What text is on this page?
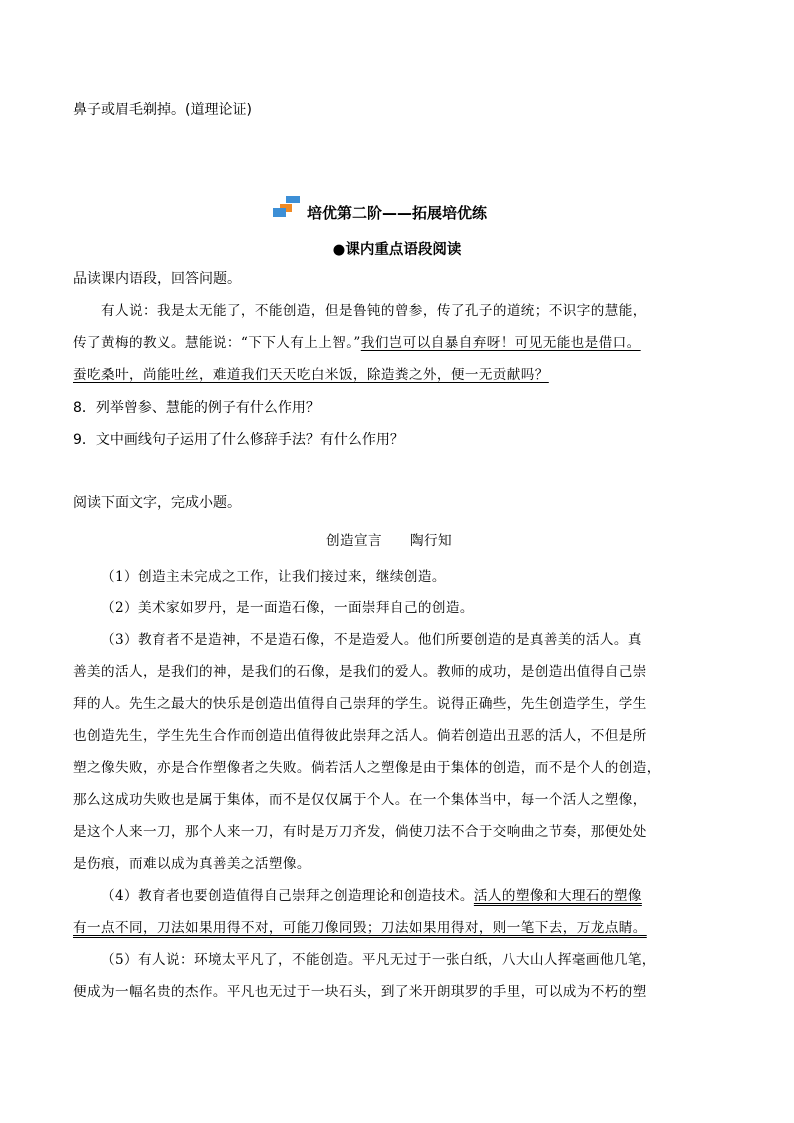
鼻子或眉毛剃掉。(道理论证)
培优第二阶——拓展培优练
●课内重点语段阅读
品读课内语段，回答问题。
有人说：我是太无能了，不能创造，但是鲁钝的曾参，传了孔子的道统；不识字的慧能，
传了黄梅的教义。慧能说：“下下人有上上智。”我们岂可以自暴自弃呀！可见无能也是借口。
蚕吃桑叶，尚能吐丝，难道我们天天吃白米饭，除造粪之外，便一无贡献吗？
8．列举曾参、慧能的例子有什么作用？
9．文中画线句子运用了什么修辞手法？有什么作用？
阅读下面文字，完成小题。
创造宣言 陶行知
（1）创造主未完成之工作，让我们接过来，继续创造。
（2）美术家如罗丹，是一面造石像，一面崇拜自己的创造。
（3）教育者不是造神，不是造石像，不是造爱人。他们所要创造的是真善美的活人。真
善美的活人，是我们的神，是我们的石像，是我们的爱人。教师的成功，是创造出值得自己崇
拜的人。先生之最大的快乐是创造出值得自己崇拜的学生。说得正确些，先生创造学生，学生
也创造先生，学生先生合作而创造出值得彼此崇拜之活人。倘若创造出丑恶的活人，不但是所
塑之像失败，亦是合作塑像者之失败。倘若活人之塑像是由于集体的创造，而不是个人的创造，
那么这成功失败也是属于集体，而不是仅仅属于个人。在一个集体当中，每一个活人之塑像，
是这个人来一刀，那个人来一刀，有时是万刀齐发，倘使刀法不合于交响曲之节奏，那便处处
是伤痕，而难以成为真善美之活塑像。
（4）教育者也要创造值得自己崇拜之创造理论和创造技术。活人的塑像和大理石的塑像
有一点不同，刀法如果用得不对，可能刀像同毁；刀法如果用得对，则一笔下去，万龙点睛。
（5）有人说：环境太平凡了，不能创造。平凡无过于一张白纸，八大山人挥毫画他几笔，
便成为一幅名贵的杰作。平凡也无过于一块石头，到了米开朗琪罗的手里，可以成为不朽的塑
